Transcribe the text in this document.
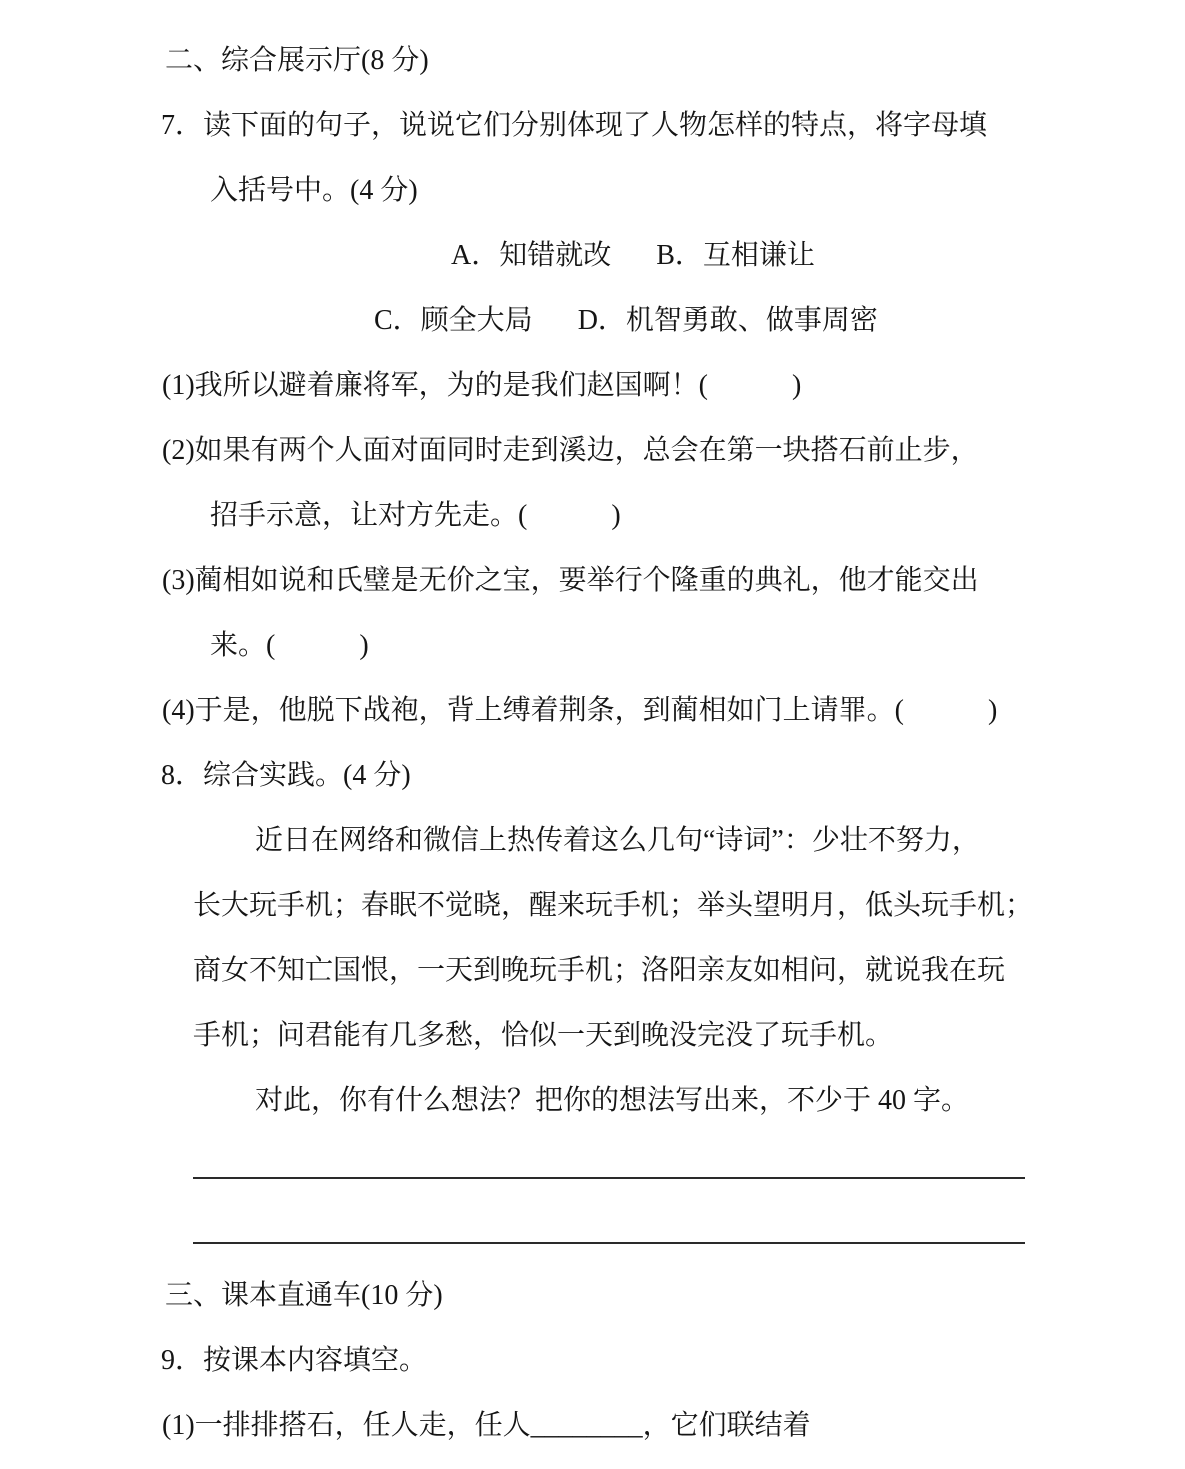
二、综合展示厅(8 分)
7．读下面的句子，说说它们分别体现了人物怎样的特点，将字母填
入括号中。(4 分)
A．知错就改 B．互相谦让
C．顾全大局 D．机智勇敢、做事周密
(1)我所以避着廉将军，为的是我们赵国啊！(　　　)
(2)如果有两个人面对面同时走到溪边，总会在第一块搭石前止步，
招手示意，让对方先走。(　　　)
(3)蔺相如说和氏璧是无价之宝，要举行个隆重的典礼，他才能交出
来。(　　　)
(4)于是，他脱下战袍，背上缚着荆条，到蔺相如门上请罪。(　　　)
8．综合实践。(4 分)
近日在网络和微信上热传着这么几句“诗词”：少壮不努力，
长大玩手机；春眠不觉晓，醒来玩手机；举头望明月，低头玩手机；
商女不知亡国恨，一天到晚玩手机；洛阳亲友如相问，就说我在玩
手机；问君能有几多愁，恰似一天到晚没完没了玩手机。
对此，你有什么想法？把你的想法写出来，不少于 40 字。
三、课本直通车(10 分)
9．按课本内容填空。
(1)一排排搭石，任人走，任人________，它们联结着
